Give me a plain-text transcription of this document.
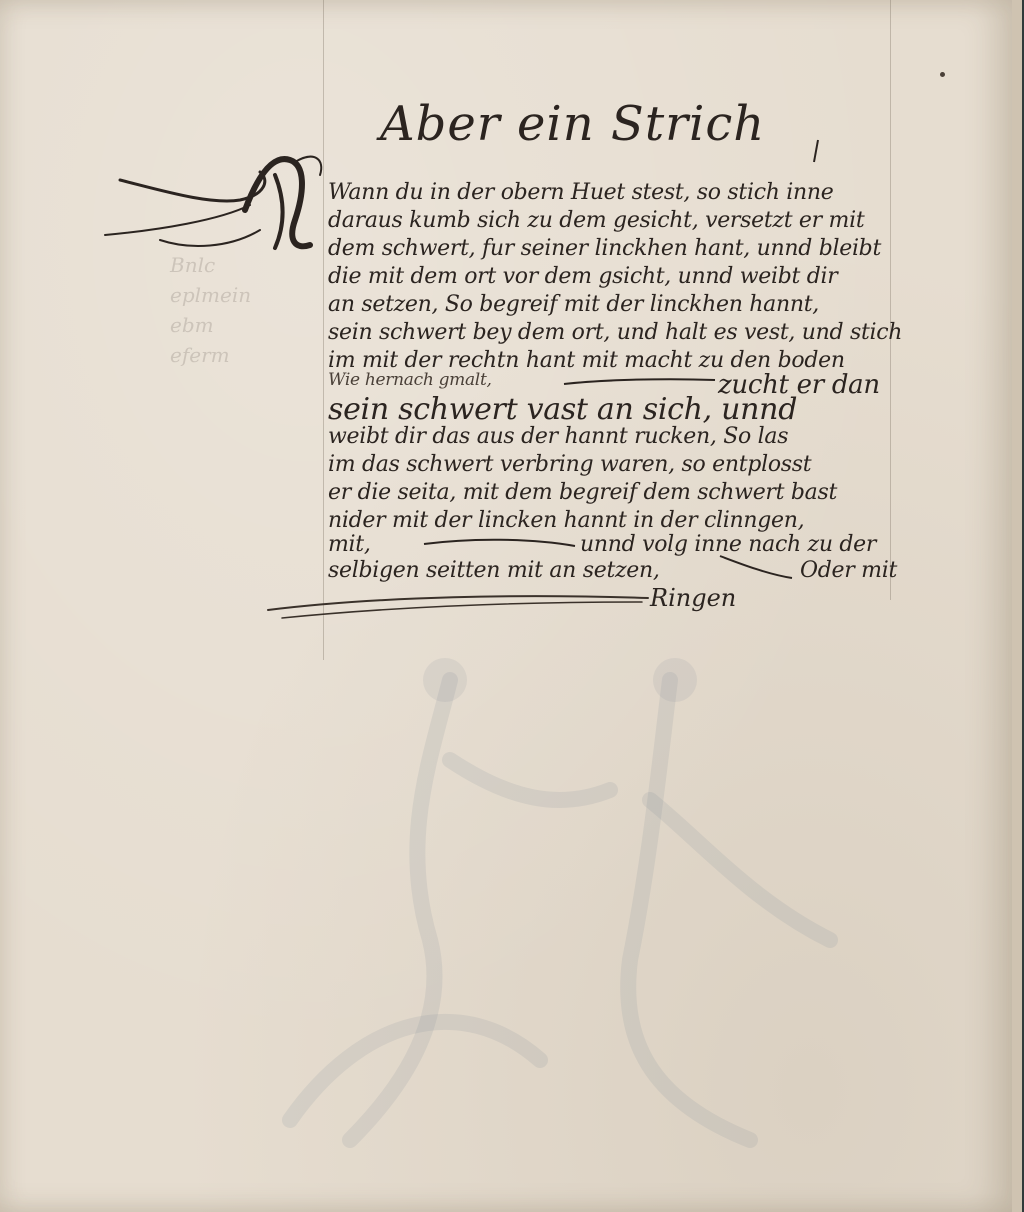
Bnlc
eplmein
ebm
eferm
Aber ein Strich
Wann du in der obern Huet stest, so stich inne
daraus kumb sich zu dem gesicht, versetzt er mit
dem schwert, fur seiner linckhen hant, unnd bleibt
die mit dem ort vor dem gsicht, unnd weibt dir
an setzen, So begreif mit der linckhen hannt,
sein schwert bey dem ort, und halt es vest, und stich
im mit der rechtn hant mit macht zu den boden
Wie hernach gmalt,	zucht er dan
sein schwert vast an sich, unnd
weibt dir das aus der hannt rucken, So las
im das schwert verbring waren, so entplosst
er die seita, mit dem begreif dem schwert bast
nider mit der lincken hannt in der clinngen,
mit,	unnd volg inne nach zu der
selbigen seitten mit an setzen,	Oder mit
Ringen
